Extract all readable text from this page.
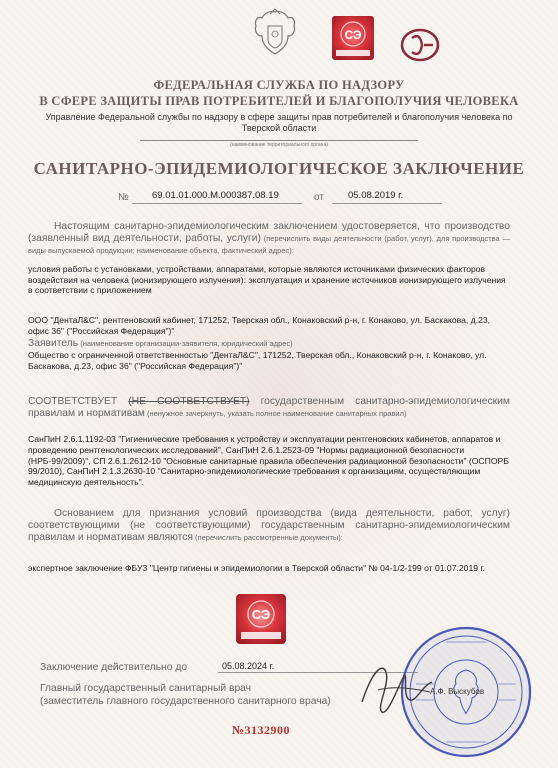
СЭ
ФЕДЕРАЛЬНАЯ СЛУЖБА ПО НАДЗОРУ
В СФЕРЕ ЗАЩИТЫ ПРАВ ПОТРЕБИТЕЛЕЙ И БЛАГОПОЛУЧИЯ ЧЕЛОВЕКА
Управление Федеральной службы по надзору в сфере защиты прав потребителей и благополучия человека по Тверской области
(наименование территориального органа)
САНИТАРНО-ЭПИДЕМИОЛОГИЧЕСКОЕ ЗАКЛЮЧЕНИЕ
№ 69.01.01.000.М.000387.08.19	от	05.08.2019 г.
Настоящим санитарно-эпидемиологическим заключением удостоверяется, что производство (заявленный вид деятельности, работы, услуги) (перечислить виды деятельности (работ, услуг), для производства — виды выпускаемой продукции; наименование объекта, фактический адрес):
условия работы с установками, устройствами, аппаратами, которые являются источниками физических факторов воздействия на человека (ионизирующего излучения): эксплуатация и хранение источников ионизирующего излучения в соответствии с приложением
ООО "ДентаЛ&С", рентгеновский кабинет, 171252, Тверская обл., Конаковский р-н, г. Конаково, ул. Баскакова, д.23, офис 36" ("Российская Федерация")"
Заявитель (наименование организации-заявителя, юридический адрес)
Общество с ограниченной ответственностью "ДентаЛ&С", 171252, Тверская обл., Конаковский р-н, г. Конаково, ул. Баскакова, д.23, офис 36" ("Российская Федерация")"
СООТВЕТСТВУЕТ (НЕ СООТВЕТСТВУЕТ) государственным санитарно-эпидемиологическим правилам и нормативам (ненужное зачеркнуть, указать полное наименование санитарных правил)
СанПиН 2.6.1.1192-03 "Гигиенические требования к устройству и эксплуатации рентгеновских кабинетов, аппаратов и проведению рентгенологических исследований", СанПиН 2.6.1.2523-09 "Нормы радиационной безопасности (НРБ-99/2009)", СП 2.6.1.2612-10 "Основные санитарные правила обеспечения радиационной безопасности" (ОСПОРБ 99/2010), СанПиН 2.1.3.2630-10 "Санитарно-эпидемиологические требования к организациям, осуществляющим медицинскую деятельность".
Основанием для признания условий производства (вида деятельности, работ, услуг) соответствующими (не соответствующими) государственным санитарно-эпидемиологическим правилам и нормативам являются (перечислить рассмотренные документы):
экспертное заключение ФБУЗ "Центр гигиены и эпидемиологии в Тверской области" № 04-1/2-199 от 01.07.2019 г.
СЭ
Заключение действительно до	05.08.2024 г.
Главный государственный санитарный врач
(заместитель главного государственного санитарного врача)
А.Ф. Выскубов
№3132900
